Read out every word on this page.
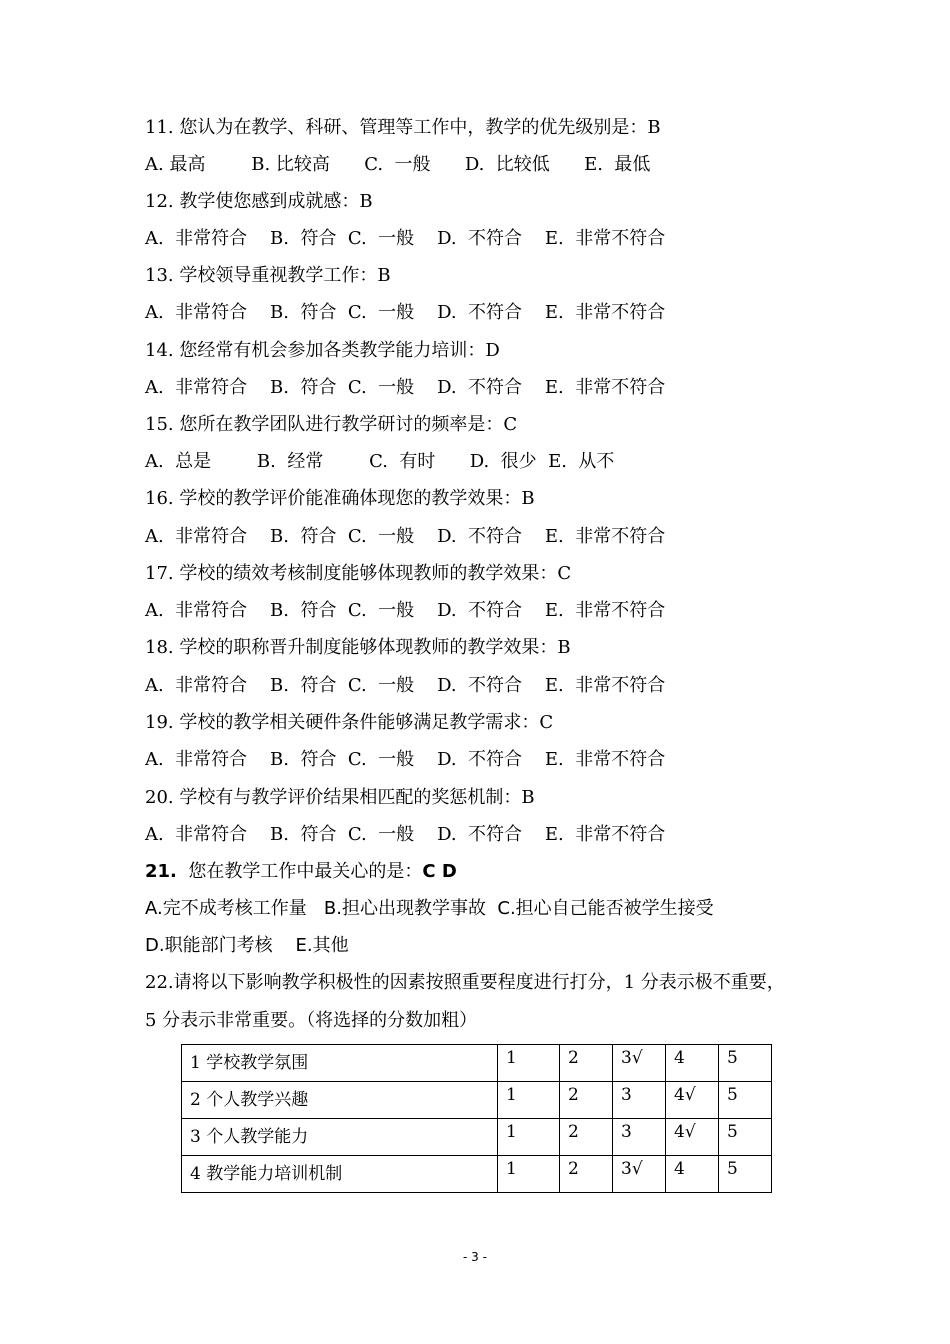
11. 您认为在教学、科研、管理等工作中，教学的优先级别是：B
A. 最高        B. 比较高      C.  一般      D.  比较低      E.  最低
12. 教学使您感到成就感：B
A.  非常符合    B.  符合  C.  一般    D.  不符合    E.  非常不符合
13. 学校领导重视教学工作：B
A.  非常符合    B.  符合  C.  一般    D.  不符合    E.  非常不符合
14. 您经常有机会参加各类教学能力培训：D
A.  非常符合    B.  符合  C.  一般    D.  不符合    E.  非常不符合
15. 您所在教学团队进行教学研讨的频率是：C
A.  总是        B.  经常        C.  有时      D.  很少  E.  从不
16. 学校的教学评价能准确体现您的教学效果：B
A.  非常符合    B.  符合  C.  一般    D.  不符合    E.  非常不符合
17. 学校的绩效考核制度能够体现教师的教学效果：C
A.  非常符合    B.  符合  C.  一般    D.  不符合    E.  非常不符合
18. 学校的职称晋升制度能够体现教师的教学效果：B
A.  非常符合    B.  符合  C.  一般    D.  不符合    E.  非常不符合
19. 学校的教学相关硬件条件能够满足教学需求：C
A.  非常符合    B.  符合  C.  一般    D.  不符合    E.  非常不符合
20. 学校有与教学评价结果相匹配的奖惩机制：B
A.  非常符合    B.  符合  C.  一般    D.  不符合    E.  非常不符合
21.  您在教学工作中最关心的是：C D
A.完不成考核工作量   B.担心出现教学事故  C.担心自己能否被学生接受
D.职能部门考核    E.其他
22.请将以下影响教学积极性的因素按照重要程度进行打分，1 分表示极不重要，
5 分表示非常重要。（将选择的分数加粗）
1 学校教学氛围	1	2	3√	4	5
2 个人教学兴趣	1	2	3	4√	5
3 个人教学能力	1	2	3	4√	5
4 教学能力培训机制	1	2	3√	4	5
- 3 -
